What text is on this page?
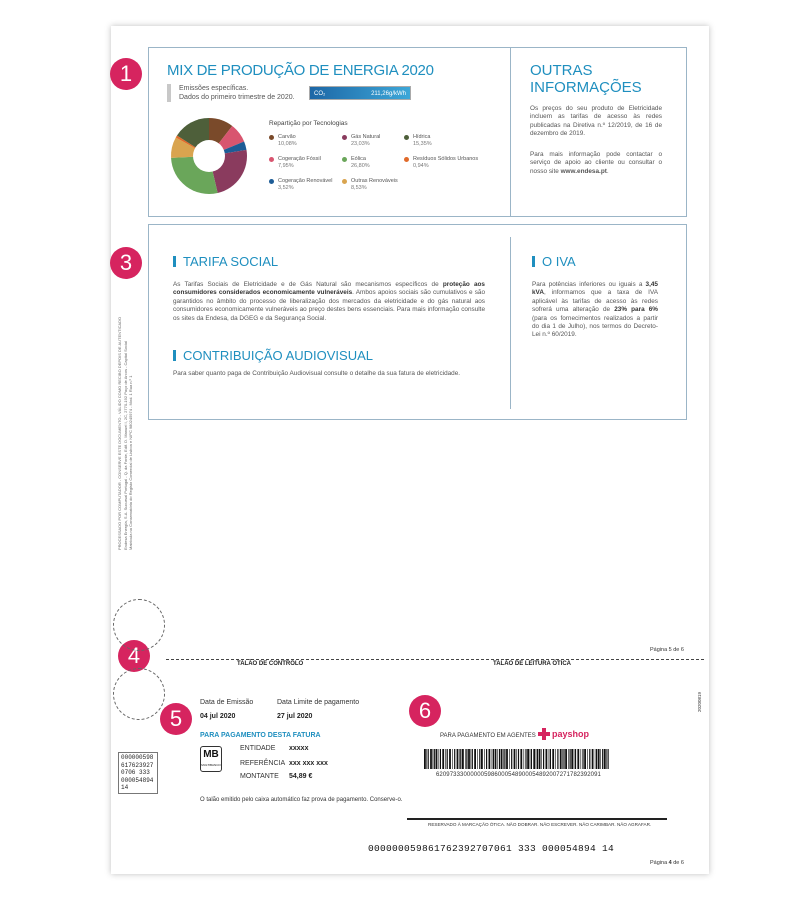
1
3
4
5	6
MIX DE PRODUÇÃO DE ENERGIA 2020
Emissões específicas.
Dados do primeiro trimestre de 2020.	CO₂	211,26g/kWh
Repartição por Tecnologias
Carvão
10,08%
Gás Natural
23,03%
Hídrica
15,35%
Cogeração Fóssil
7,95%
Eólica
26,80%
Resíduos Sólidos Urbanos
0,94%
Cogeração Renovável
3,52%
Outras Renováveis
8,53%
OUTRAS
INFORMAÇÕES
Os preços do seu produto de Eletricidade incluem as tarifas de acesso às redes publicadas na Diretiva n.º 12/2019, de 16 de dezembro de 2019.
Para mais informação pode contactar o serviço de apoio ao cliente ou consultar o nosso site www.endesa.pt.
TARIFA SOCIAL
As Tarifas Sociais de Eletricidade e de Gás Natural são mecanismos específicos de proteção aos consumidores considerados economicamente vulneráveis. Ambos apoios sociais são cumulativos e são garantidos no âmbito do processo de liberalização dos mercados da eletricidade e do gás natural aos consumidores economicamente vulneráveis ao preço destes bens essenciais. Para mais informação consulte os sites da Endesa, da DGEG e da Segurança Social.
CONTRIBUIÇÃO AUDIOVISUAL
Para saber quanto paga de Contribuição Audiovisual consulte o detalhe da sua fatura de eletricidade.
O IVA
Para potências inferiores ou iguais a 3,45 kVA, informamos que a taxa de IVA aplicável às tarifas de acesso às redes sofrerá uma alteração de 23% para 6% (para os fornecimentos realizados a partir do dia 1 de Julho), nos termos do Decreto-Lei n.º 60/2019.
PROCESSADO POR COMPUTADOR - CONSERVE ESTE DOCUMENTO - VÁLIDO COMO RECIBO DEPOIS DE AUTENTICADO Endesa Energía, S.A. Sucursal Portugal - Q. da Fonte, Edif. D. Manuel I, 2C, 2770-192 Paço de Arcos - Capital Social Matrícula na Conservatória do Registo Comercial de Lisboa e NIPC 980245974 - Mod. 1 Rua n.º 1
Página 5 de 6
TALÃO DE CONTROLO	TALÃO DE LEITURA ÓTICA
20200819
000000598
617623927
0706 333
000054894
14
Data de Emissão
04 jul 2020
Data Limite de pagamento
27 jul 2020
PARA PAGAMENTO DESTA FATURA
MB
MULTIBANCO
ENTIDADE xxxxx
REFERÊNCIA xxx xxx xxx
MONTANTE 54,89 €
O talão emitido pelo caixa automático faz prova de pagamento. Conserve-o.
PARA PAGAMENTO EM AGENTES payshop
62097333000000598600054890005489200727178239209​1
RESERVADO À MARCAÇÃO ÓTICA. NÃO DOBRAR. NÃO ESCREVER. NÃO CARIMBAR. NÃO AGRAFAR.
000000059861762392707061 333 000054894 14
Página 4 de 6
